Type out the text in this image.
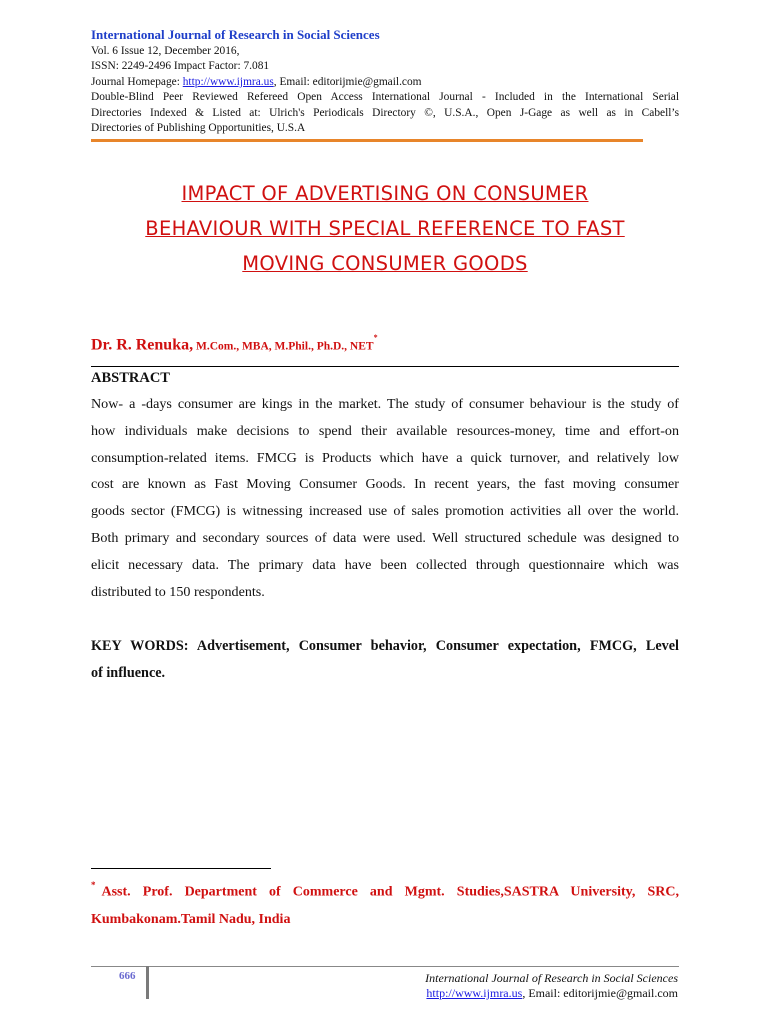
International Journal of Research in Social Sciences
Vol. 6 Issue 12, December 2016,
ISSN: 2249-2496 Impact Factor: 7.081
Journal Homepage: http://www.ijmra.us, Email: editorijmie@gmail.com
Double-Blind Peer Reviewed Refereed Open Access International Journal - Included in the International Serial
Directories Indexed & Listed at: Ulrich's Periodicals Directory ©, U.S.A., Open J-Gage as well as in Cabell’s
Directories of Publishing Opportunities, U.S.A
IMPACT OF ADVERTISING ON CONSUMER
BEHAVIOUR WITH SPECIAL REFERENCE TO FAST
MOVING CONSUMER GOODS
Dr. R. Renuka, M.Com., MBA, M.Phil., Ph.D., NET*
ABSTRACT
Now- a -days consumer are kings in the market. The study of consumer behaviour is the study of
how individuals make decisions to spend their available resources-money, time and effort-on
consumption-related items. FMCG is Products which have a quick turnover, and relatively low
cost are known as Fast Moving Consumer Goods. In recent years, the fast moving consumer
goods sector (FMCG) is witnessing increased use of sales promotion activities all over the world.
Both primary and secondary sources of data were used. Well structured schedule was designed to
elicit necessary data. The primary data have been collected through questionnaire which was
distributed to 150 respondents.
KEY WORDS: Advertisement, Consumer behavior, Consumer expectation, FMCG, Level
of influence.
* Asst. Prof. Department of Commerce and Mgmt. Studies,SASTRA University, SRC,
Kumbakonam.Tamil Nadu, India
666	International Journal of Research in Social Sciences
http://www.ijmra.us, Email: editorijmie@gmail.com
